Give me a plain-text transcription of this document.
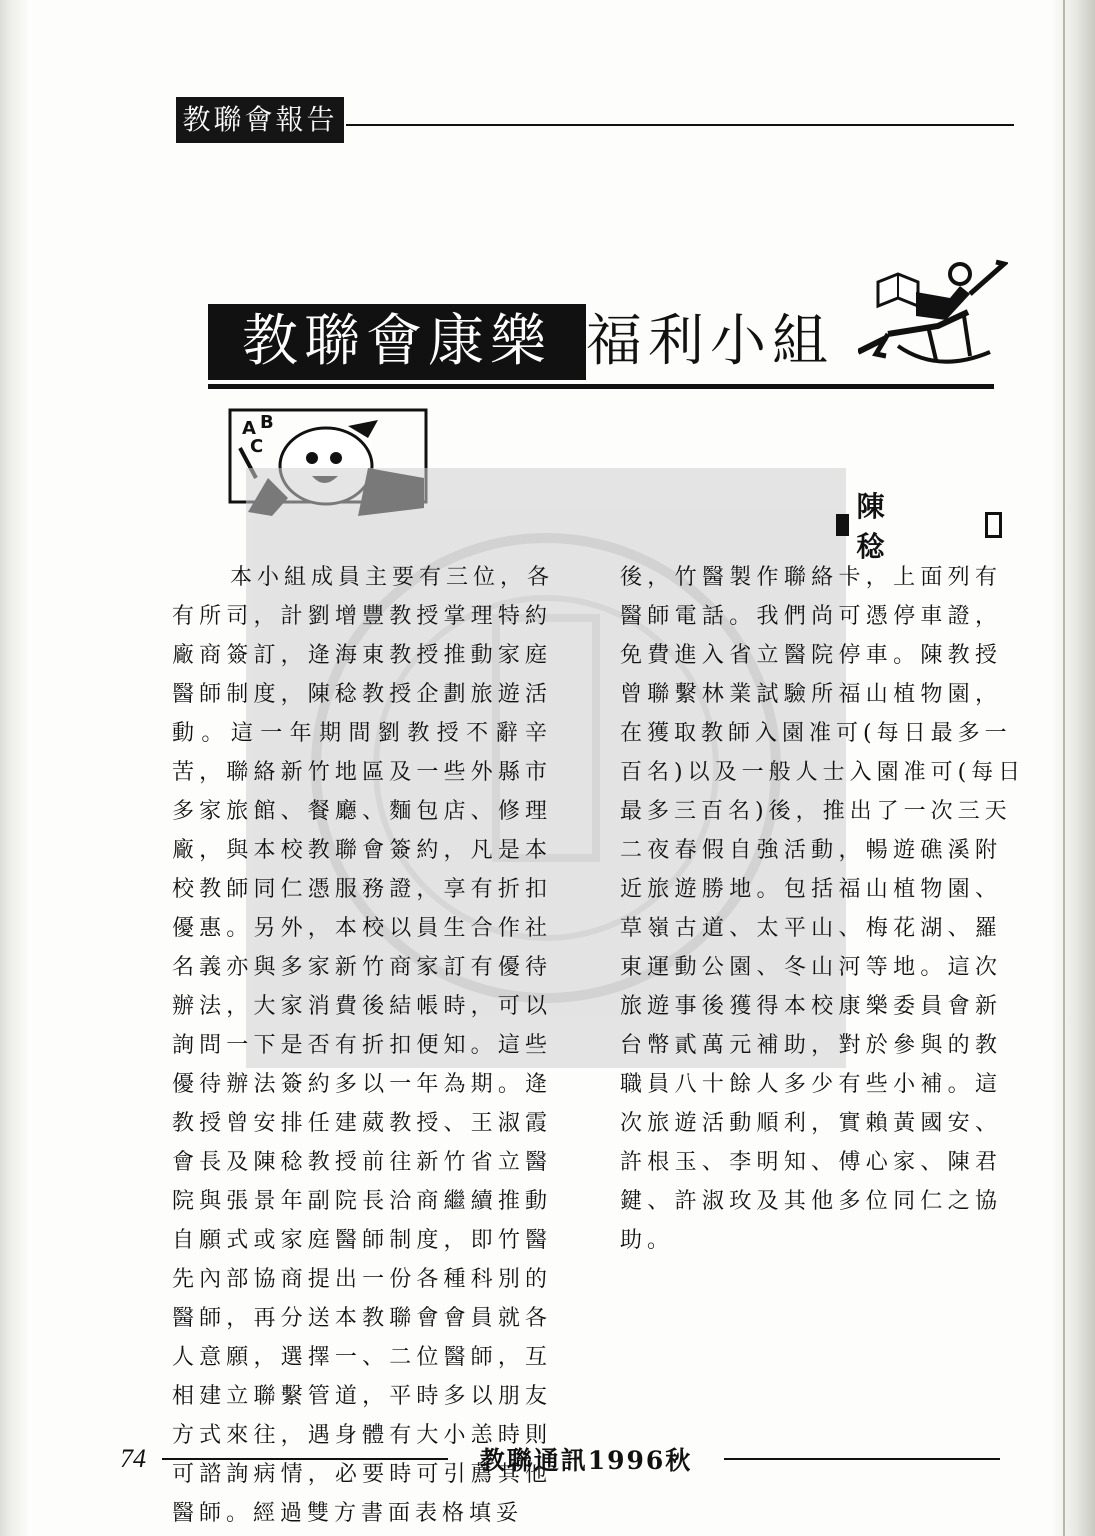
教聯會報告
教聯會康樂 福利小組
A B
C
陳　稔
本小組成員主要有三位，各
有所司，計劉增豐教授掌理特約
廠商簽訂，逄海東教授推動家庭
醫師制度，陳稔教授企劃旅遊活
動。這一年期間劉教授不辭辛
苦，聯絡新竹地區及一些外縣市
多家旅館、餐廳、麵包店、修理
廠，與本校教聯會簽約，凡是本
校教師同仁憑服務證，享有折扣
優惠。另外，本校以員生合作社
名義亦與多家新竹商家訂有優待
辦法，大家消費後結帳時，可以
詢問一下是否有折扣便知。這些
優待辦法簽約多以一年為期。逄
教授曾安排任建葳教授、王淑霞
會長及陳稔教授前往新竹省立醫
院與張景年副院長洽商繼續推動
自願式或家庭醫師制度，即竹醫
先內部協商提出一份各種科別的
醫師，再分送本教聯會會員就各
人意願，選擇一、二位醫師，互
相建立聯繫管道，平時多以朋友
方式來往，遇身體有大小恙時則
可諮詢病情，必要時可引薦其他
醫師。經過雙方書面表格填妥
後，竹醫製作聯絡卡，上面列有
醫師電話。我們尚可憑停車證，
免費進入省立醫院停車。陳教授
曾聯繫林業試驗所福山植物園，
在獲取教師入園准可(每日最多一
百名)以及一般人士入園准可(每日
最多三百名)後，推出了一次三天
二夜春假自強活動，暢遊礁溪附
近旅遊勝地。包括福山植物園、
草嶺古道、太平山、梅花湖、羅
東運動公園、冬山河等地。這次
旅遊事後獲得本校康樂委員會新
台幣貳萬元補助，對於參與的教
職員八十餘人多少有些小補。這
次旅遊活動順利，實賴黃國安、
許根玉、李明知、傅心家、陳君
鍵、許淑玫及其他多位同仁之協
助。
74	教聯通訊1996秋
